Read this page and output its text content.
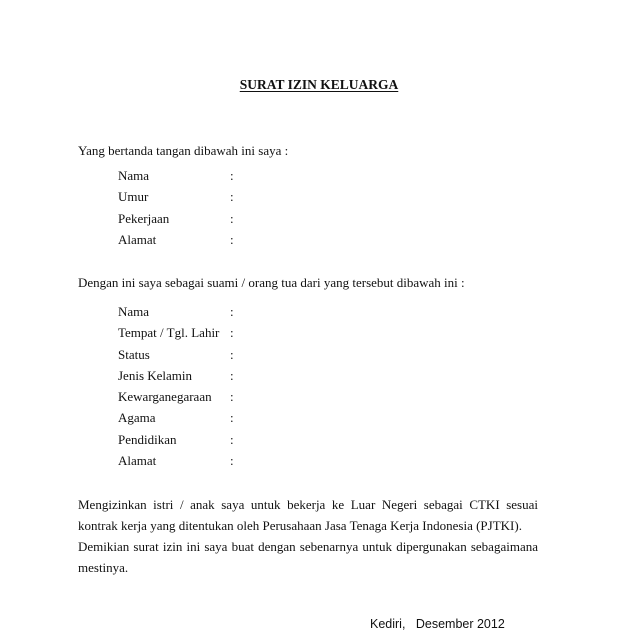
SURAT IZIN KELUARGA
Yang bertanda tangan dibawah ini saya :
Nama	:
Umur	:
Pekerjaan	:
Alamat	:
Dengan ini saya sebagai suami / orang tua dari yang tersebut dibawah ini :
Nama	:
Tempat / Tgl. Lahir :
Status	:
Jenis Kelamin	:
Kewarganegaraan :
Agama	:
Pendidikan	:
Alamat	:
Mengizinkan istri / anak saya untuk bekerja ke Luar Negeri sebagai CTKI sesuai
kontrak kerja yang ditentukan oleh Perusahaan Jasa Tenaga Kerja Indonesia (PJTKI).
Demikian surat izin ini saya buat dengan sebenarnya untuk dipergunakan sebagaimana
mestinya.
Kediri,   Desember 2012
